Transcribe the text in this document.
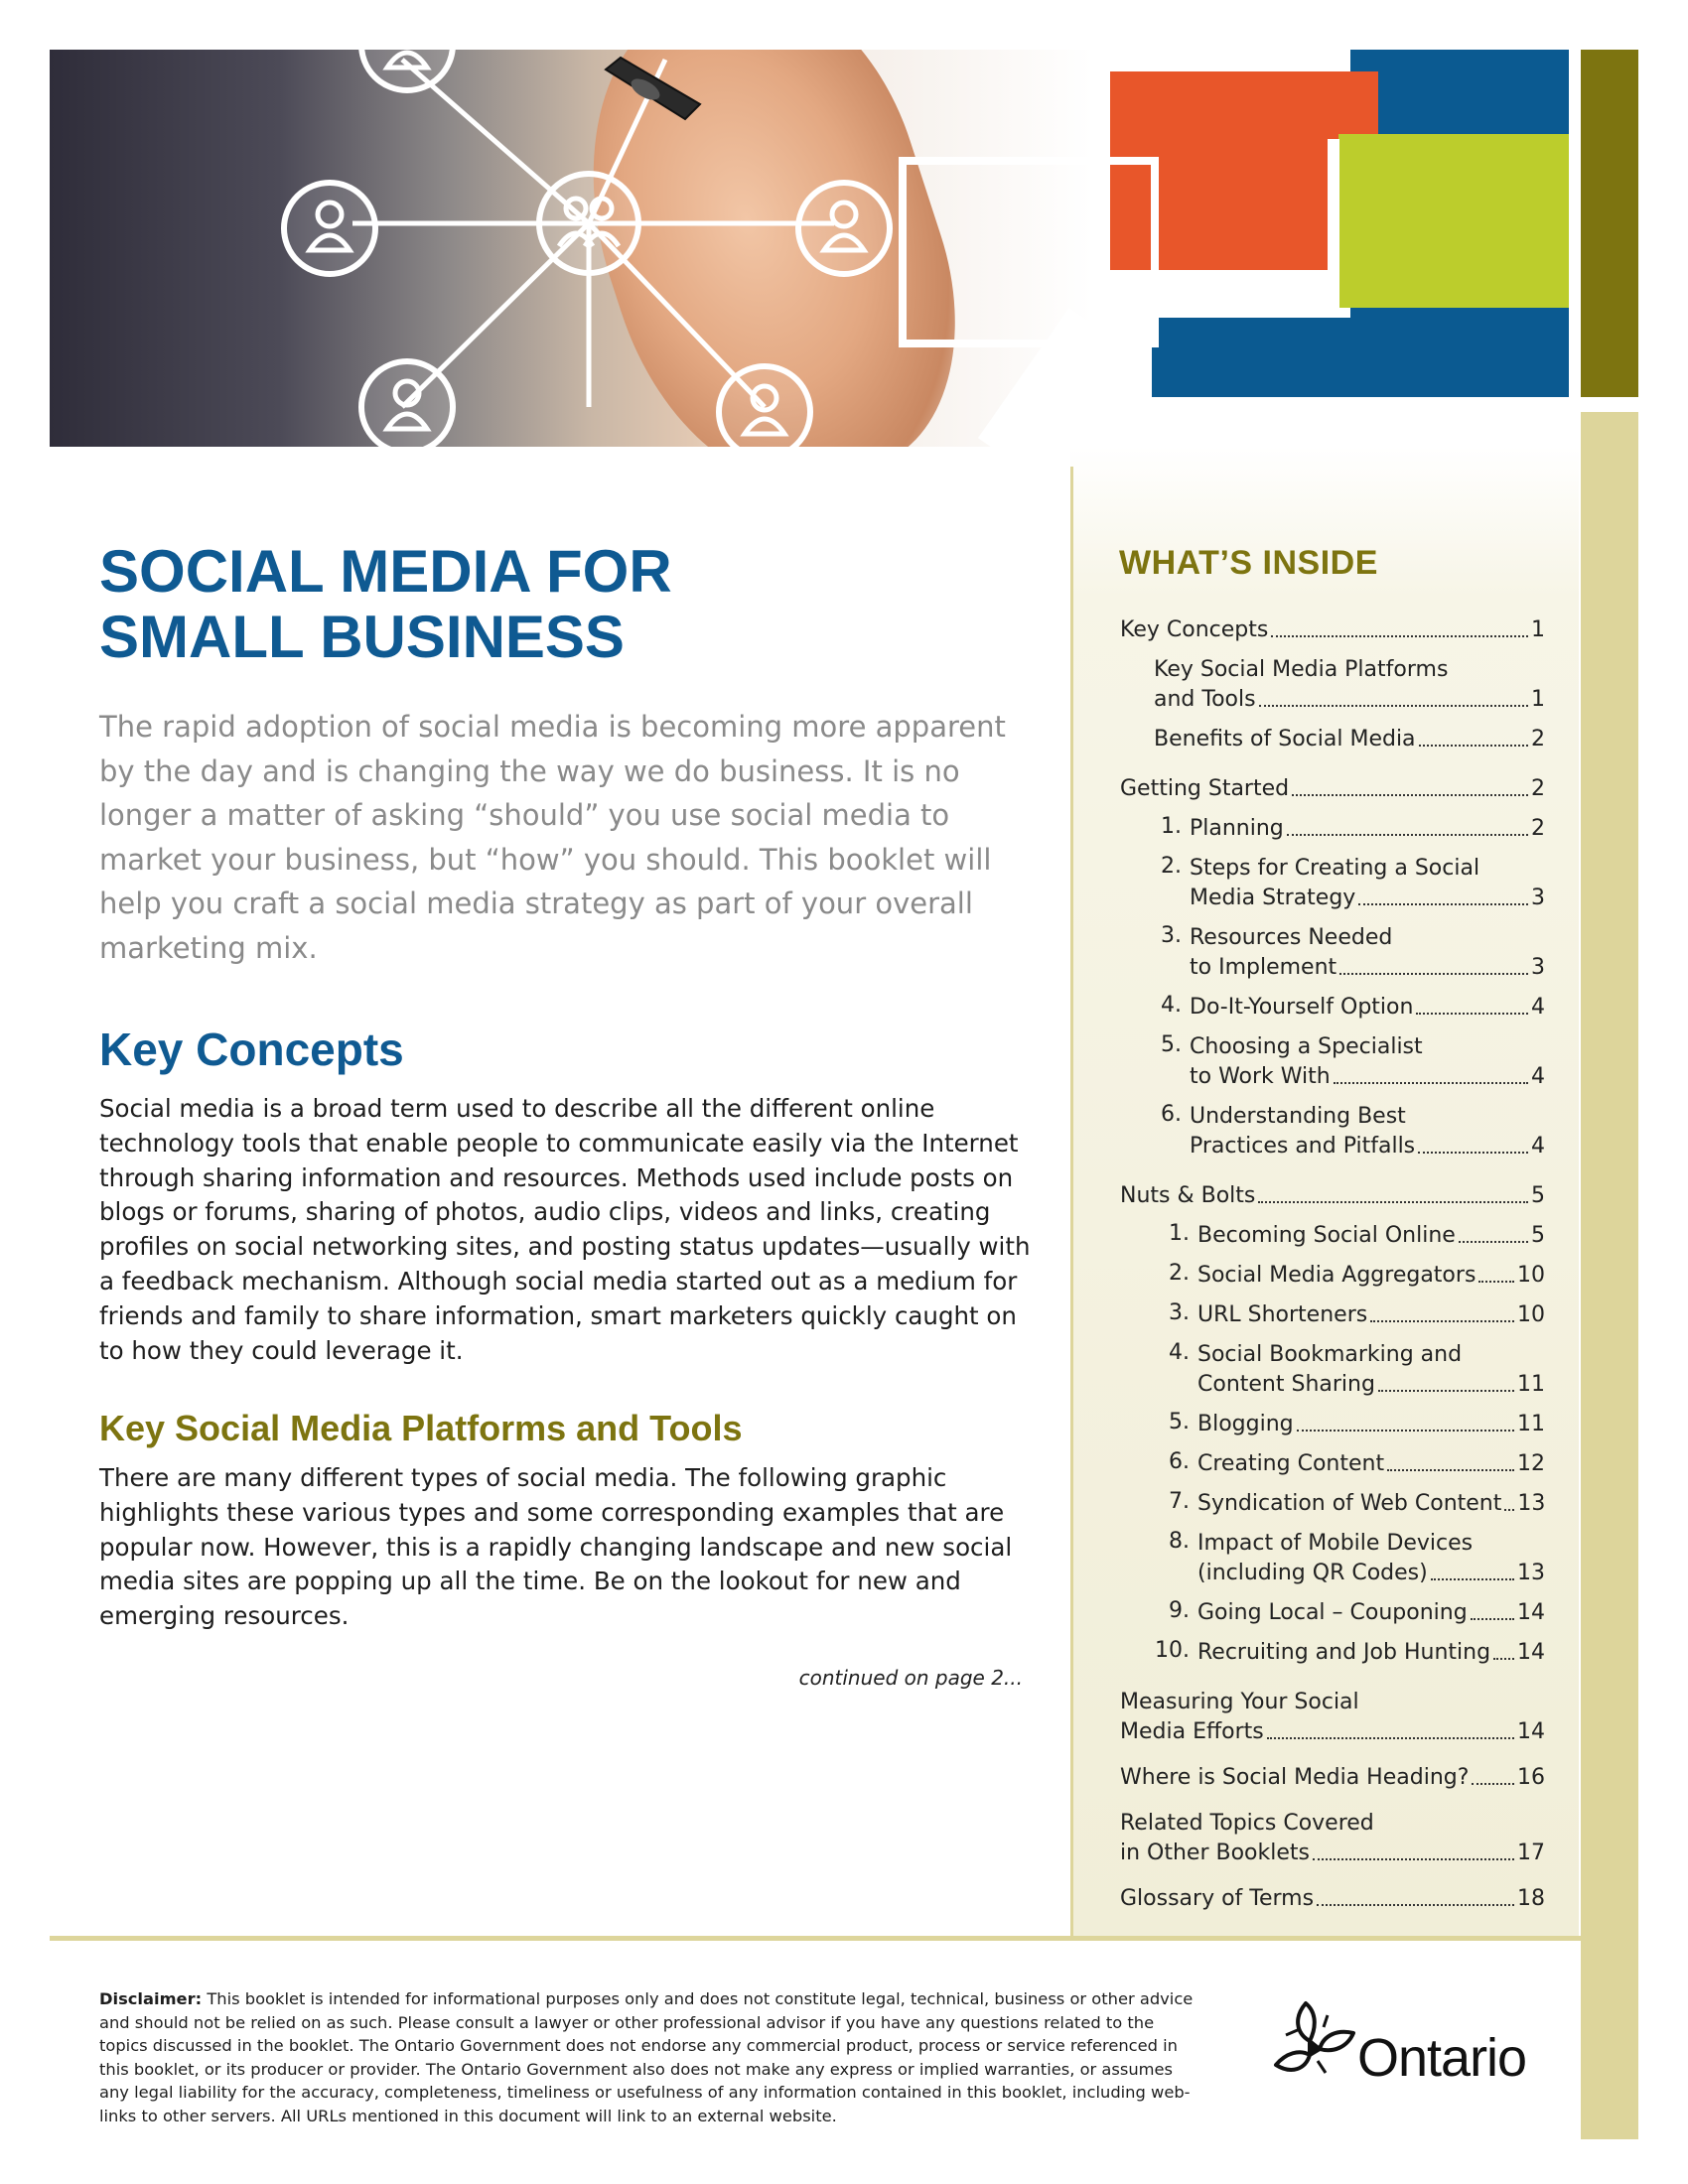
WHAT’S INSIDE
Key Concepts	1
Key Social Media Platforms
and Tools	1
Benefits of Social Media	2
Getting Started	2
1. Planning	2
2. Steps for Creating a Social
Media Strategy	3
3. Resources Needed
to Implement	3
4. Do-It-Yourself Option	4
5. Choosing a Specialist
to Work With	4
6. Understanding Best
Practices and Pitfalls	4
Nuts & Bolts	5
1. Becoming Social Online	5
2. Social Media Aggregators 10
3. URL Shorteners	10
4. Social Bookmarking and
Content Sharing	11
5. Blogging	11
6. Creating Content	12
7. Syndication of Web Content 13
8. Impact of Mobile Devices
(including QR Codes)	13
9. Going Local – Couponing 14
10. Recruiting and Job Hunting 14
Measuring Your Social
Media Efforts	14
Where is Social Media Heading? 16
Related Topics Covered
in Other Booklets	17
Glossary of Terms	18
SOCIAL MEDIA FOR
SMALL BUSINESS

The rapid adoption of social media is becoming more apparent by the day and is changing the way we do business. It is no longer a matter of asking “should” you use social media to market your business, but “how” you should. This booklet will help you craft a social media strategy as part of your overall marketing mix.

Key Concepts

Social media is a broad term used to describe all the different online technology tools that enable people to communicate easily via the Internet through sharing information and resources. Methods used include posts on blogs or forums, sharing of photos, audio clips, videos and links, creating profiles on social networking sites, and posting status updates—usually with a feedback mechanism. Although social media started out as a medium for friends and family to share information, smart marketers quickly caught on to how they could leverage it.

Key Social Media Platforms and Tools

There are many different types of social media. The following graphic highlights these various types and some corresponding examples that are popular now. However, this is a rapidly changing landscape and new social media sites are popping up all the time. Be on the lookout for new and emerging resources.

continued on page 2...

Disclaimer: This booklet is intended for informational purposes only and does not constitute legal, technical, business or other advice and should not be relied on as such. Please consult a lawyer or other professional advisor if you have any questions related to the topics discussed in the booklet. The Ontario Government does not endorse any commercial product, process or service referenced in this booklet, or its producer or provider. The Ontario Government also does not make any express or implied warranties, or assumes any legal liability for the accuracy, completeness, timeliness or usefulness of any information contained in this booklet, including web-links to other servers. All URLs mentioned in this document will link to an external website.

Ontario
